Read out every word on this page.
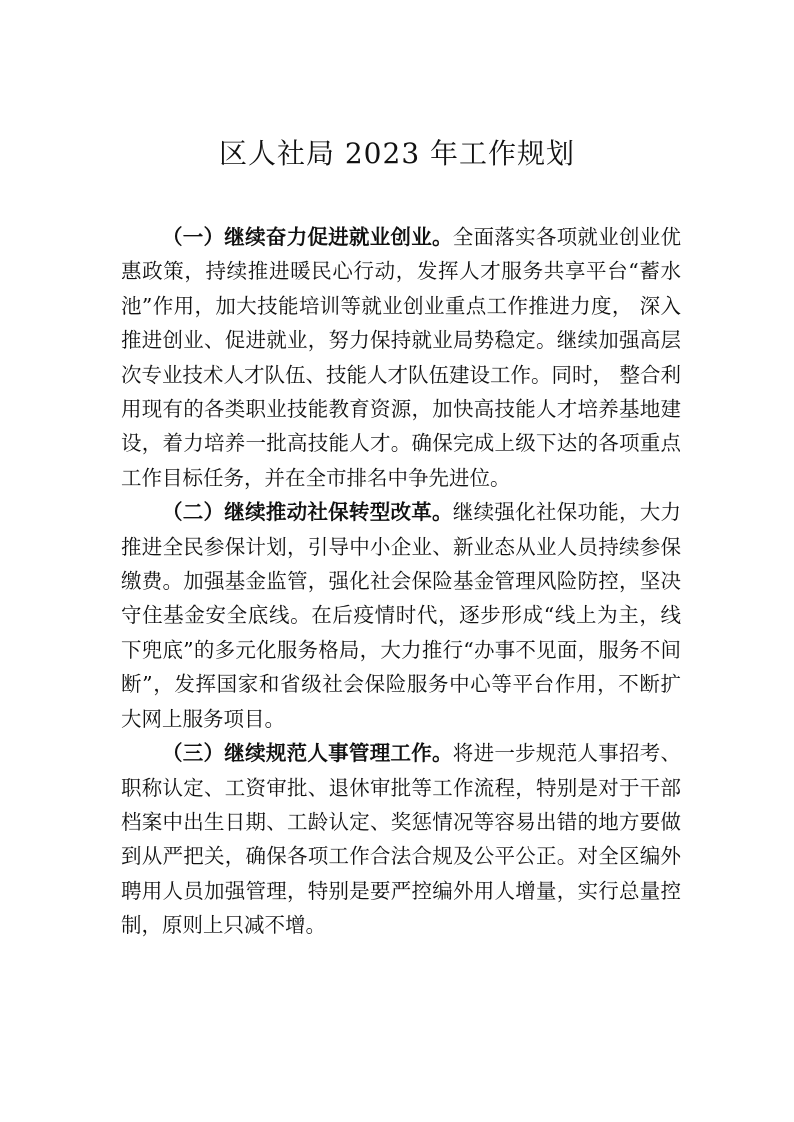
区人社局 2023 年工作规划

（一）继续奋力促进就业创业。全面落实各项就业创业优惠政策，持续推进暖民心行动，发挥人才服务共享平台“蓄水池”作用，加大技能培训等就业创业重点工作推进力度， 深入推进创业、促进就业，努力保持就业局势稳定。继续加强高层次专业技术人才队伍、技能人才队伍建设工作。同时， 整合利用现有的各类职业技能教育资源，加快高技能人才培养基地建设，着力培养一批高技能人才。确保完成上级下达的各项重点工作目标任务，并在全市排名中争先进位。

（二）继续推动社保转型改革。继续强化社保功能，大力推进全民参保计划，引导中小企业、新业态从业人员持续参保缴费。加强基金监管，强化社会保险基金管理风险防控，坚决守住基金安全底线。在后疫情时代，逐步形成“线上为主，线下兜底”的多元化服务格局，大力推行“办事不见面，服务不间断”，发挥国家和省级社会保险服务中心等平台作用，不断扩大网上服务项目。

（三）继续规范人事管理工作。将进一步规范人事招考、职称认定、工资审批、退休审批等工作流程，特别是对于干部档案中出生日期、工龄认定、奖惩情况等容易出错的地方要做到从严把关，确保各项工作合法合规及公平公正。对全区编外聘用人员加强管理，特别是要严控编外用人增量，实行总量控制，原则上只减不增。
